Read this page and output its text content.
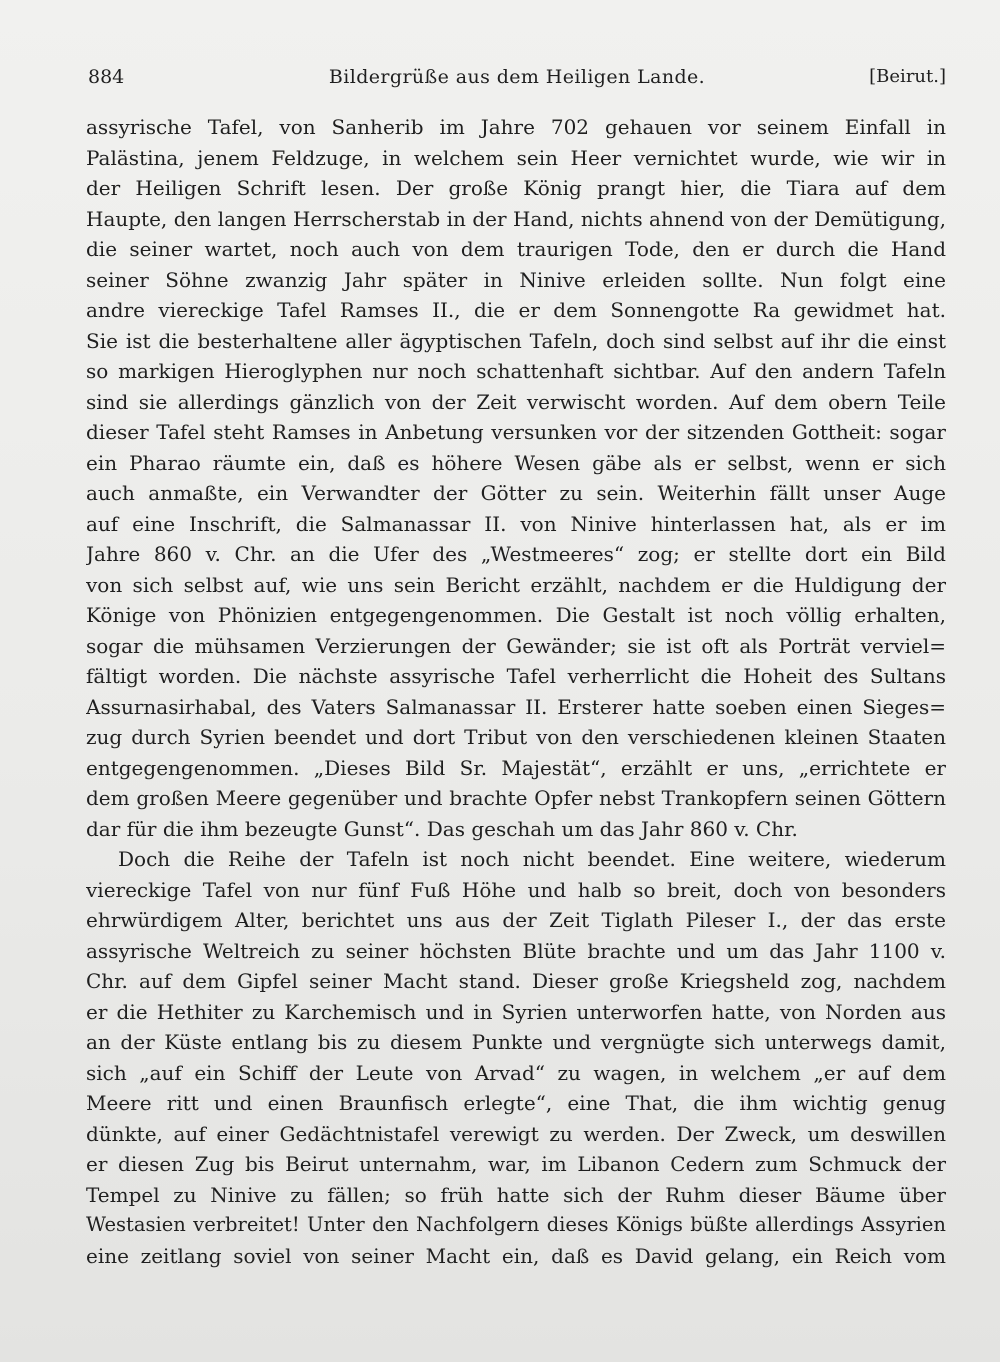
884	Bildergrüße aus dem Heiligen Lande.	[Beirut.]
assyrische Tafel, von Sanherib im Jahre 702 gehauen vor seinem Einfall in
Palästina, jenem Feldzuge, in welchem sein Heer vernichtet wurde, wie wir in
der Heiligen Schrift lesen. Der große König prangt hier, die Tiara auf dem
Haupte, den langen Herrscherstab in der Hand, nichts ahnend von der Demütigung,
die seiner wartet, noch auch von dem traurigen Tode, den er durch die Hand
seiner Söhne zwanzig Jahr später in Ninive erleiden sollte. Nun folgt eine
andre viereckige Tafel Ramses II., die er dem Sonnengotte Ra gewidmet hat.
Sie ist die besterhaltene aller ägyptischen Tafeln, doch sind selbst auf ihr die einst
so markigen Hieroglyphen nur noch schattenhaft sichtbar. Auf den andern Tafeln
sind sie allerdings gänzlich von der Zeit verwischt worden. Auf dem obern Teile
dieser Tafel steht Ramses in Anbetung versunken vor der sitzenden Gottheit: sogar
ein Pharao räumte ein, daß es höhere Wesen gäbe als er selbst, wenn er sich
auch anmaßte, ein Verwandter der Götter zu sein. Weiterhin fällt unser Auge
auf eine Inschrift, die Salmanassar II. von Ninive hinterlassen hat, als er im
Jahre 860 v. Chr. an die Ufer des „Westmeeres“ zog; er stellte dort ein Bild
von sich selbst auf, wie uns sein Bericht erzählt, nachdem er die Huldigung der
Könige von Phönizien entgegengenommen. Die Gestalt ist noch völlig erhalten,
sogar die mühsamen Verzierungen der Gewänder; sie ist oft als Porträt verviel=
fältigt worden. Die nächste assyrische Tafel verherrlicht die Hoheit des Sultans
Assurnasirhabal, des Vaters Salmanassar II. Ersterer hatte soeben einen Sieges=
zug durch Syrien beendet und dort Tribut von den verschiedenen kleinen Staaten
entgegengenommen. „Dieses Bild Sr. Majestät“, erzählt er uns, „errichtete er
dem großen Meere gegenüber und brachte Opfer nebst Trankopfern seinen Göttern
dar für die ihm bezeugte Gunst“. Das geschah um das Jahr 860 v. Chr.
Doch die Reihe der Tafeln ist noch nicht beendet. Eine weitere, wiederum
viereckige Tafel von nur fünf Fuß Höhe und halb so breit, doch von besonders
ehrwürdigem Alter, berichtet uns aus der Zeit Tiglath Pileser I., der das erste
assyrische Weltreich zu seiner höchsten Blüte brachte und um das Jahr 1100 v.
Chr. auf dem Gipfel seiner Macht stand. Dieser große Kriegsheld zog, nachdem
er die Hethiter zu Karchemisch und in Syrien unterworfen hatte, von Norden aus
an der Küste entlang bis zu diesem Punkte und vergnügte sich unterwegs damit,
sich „auf ein Schiff der Leute von Arvad“ zu wagen, in welchem „er auf dem
Meere ritt und einen Braunfisch erlegte“, eine That, die ihm wichtig genug
dünkte, auf einer Gedächtnistafel verewigt zu werden. Der Zweck, um deswillen
er diesen Zug bis Beirut unternahm, war, im Libanon Cedern zum Schmuck der
Tempel zu Ninive zu fällen; so früh hatte sich der Ruhm dieser Bäume über
Westasien verbreitet! Unter den Nachfolgern dieses Königs büßte allerdings Assyrien
eine zeitlang soviel von seiner Macht ein, daß es David gelang, ein Reich vom
